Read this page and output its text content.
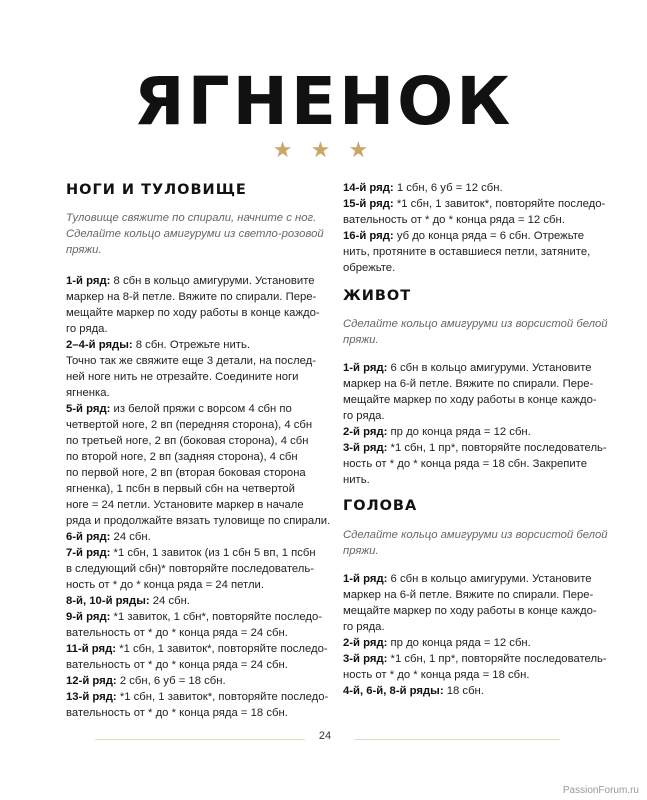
ЯГНЕНОК
★ ★ ★
НОГИ И ТУЛОВИЩЕ
Туловище свяжите по спирали, начните с ног.
Сделайте кольцо амигуруми из светло-розовой
пряжи.
1-й ряд: 8 сбн в кольцо амигуруми. Установите
маркер на 8-й петле. Вяжите по спирали. Пере-
мещайте маркер по ходу работы в конце каждо-
го ряда.
2–4-й ряды: 8 сбн. Отрежьте нить.
Точно так же свяжите еще 3 детали, на послед-
ней ноге нить не отрезайте. Соедините ноги
ягненка.
5-й ряд: из белой пряжи с ворсом 4 сбн по
четвертой ноге, 2 вп (передняя сторона), 4 сбн
по третьей ноге, 2 вп (боковая сторона), 4 сбн
по второй ноге, 2 вп (задняя сторона), 4 сбн
по первой ноге, 2 вп (вторая боковая сторона
ягненка), 1 псбн в первый сбн на четвертой
ноге = 24 петли. Установите маркер в начале
ряда и продолжайте вязать туловище по спирали.
6-й ряд: 24 сбн.
7-й ряд: *1 сбн, 1 завиток (из 1 сбн 5 вп, 1 псбн
в следующий сбн)* повторяйте последователь-
ность от * до * конца ряда = 24 петли.
8-й, 10-й ряды: 24 сбн.
9-й ряд: *1 завиток, 1 сбн*, повторяйте последо-
вательность от * до * конца ряда = 24 сбн.
11-й ряд: *1 сбн, 1 завиток*, повторяйте последо-
вательность от * до * конца ряда = 24 сбн.
12-й ряд: 2 сбн, 6 уб = 18 сбн.
13-й ряд: *1 сбн, 1 завиток*, повторяйте последо-
вательность от * до * конца ряда = 18 сбн.
14-й ряд: 1 сбн, 6 уб = 12 сбн.
15-й ряд: *1 сбн, 1 завиток*, повторяйте последо-
вательность от * до * конца ряда = 12 сбн.
16-й ряд: уб до конца ряда = 6 сбн. Отрежьте
нить, протяните в оставшиеся петли, затяните,
обрежьте.
ЖИВОТ
Сделайте кольцо амигуруми из ворсистой белой
пряжи.
1-й ряд: 6 сбн в кольцо амигуруми. Установите
маркер на 6-й петле. Вяжите по спирали. Пере-
мещайте маркер по ходу работы в конце каждо-
го ряда.
2-й ряд: пр до конца ряда = 12 сбн.
3-й ряд: *1 сбн, 1 пр*, повторяйте последователь-
ность от * до * конца ряда = 18 сбн. Закрепите
нить.
ГОЛОВА
Сделайте кольцо амигуруми из ворсистой белой
пряжи.
1-й ряд: 6 сбн в кольцо амигуруми. Установите
маркер на 6-й петле. Вяжите по спирали. Пере-
мещайте маркер по ходу работы в конце каждо-
го ряда.
2-й ряд: пр до конца ряда = 12 сбн.
3-й ряд: *1 сбн, 1 пр*, повторяйте последователь-
ность от * до * конца ряда = 18 сбн.
4-й, 6-й, 8-й ряды: 18 сбн.
24
PassionForum.ru
